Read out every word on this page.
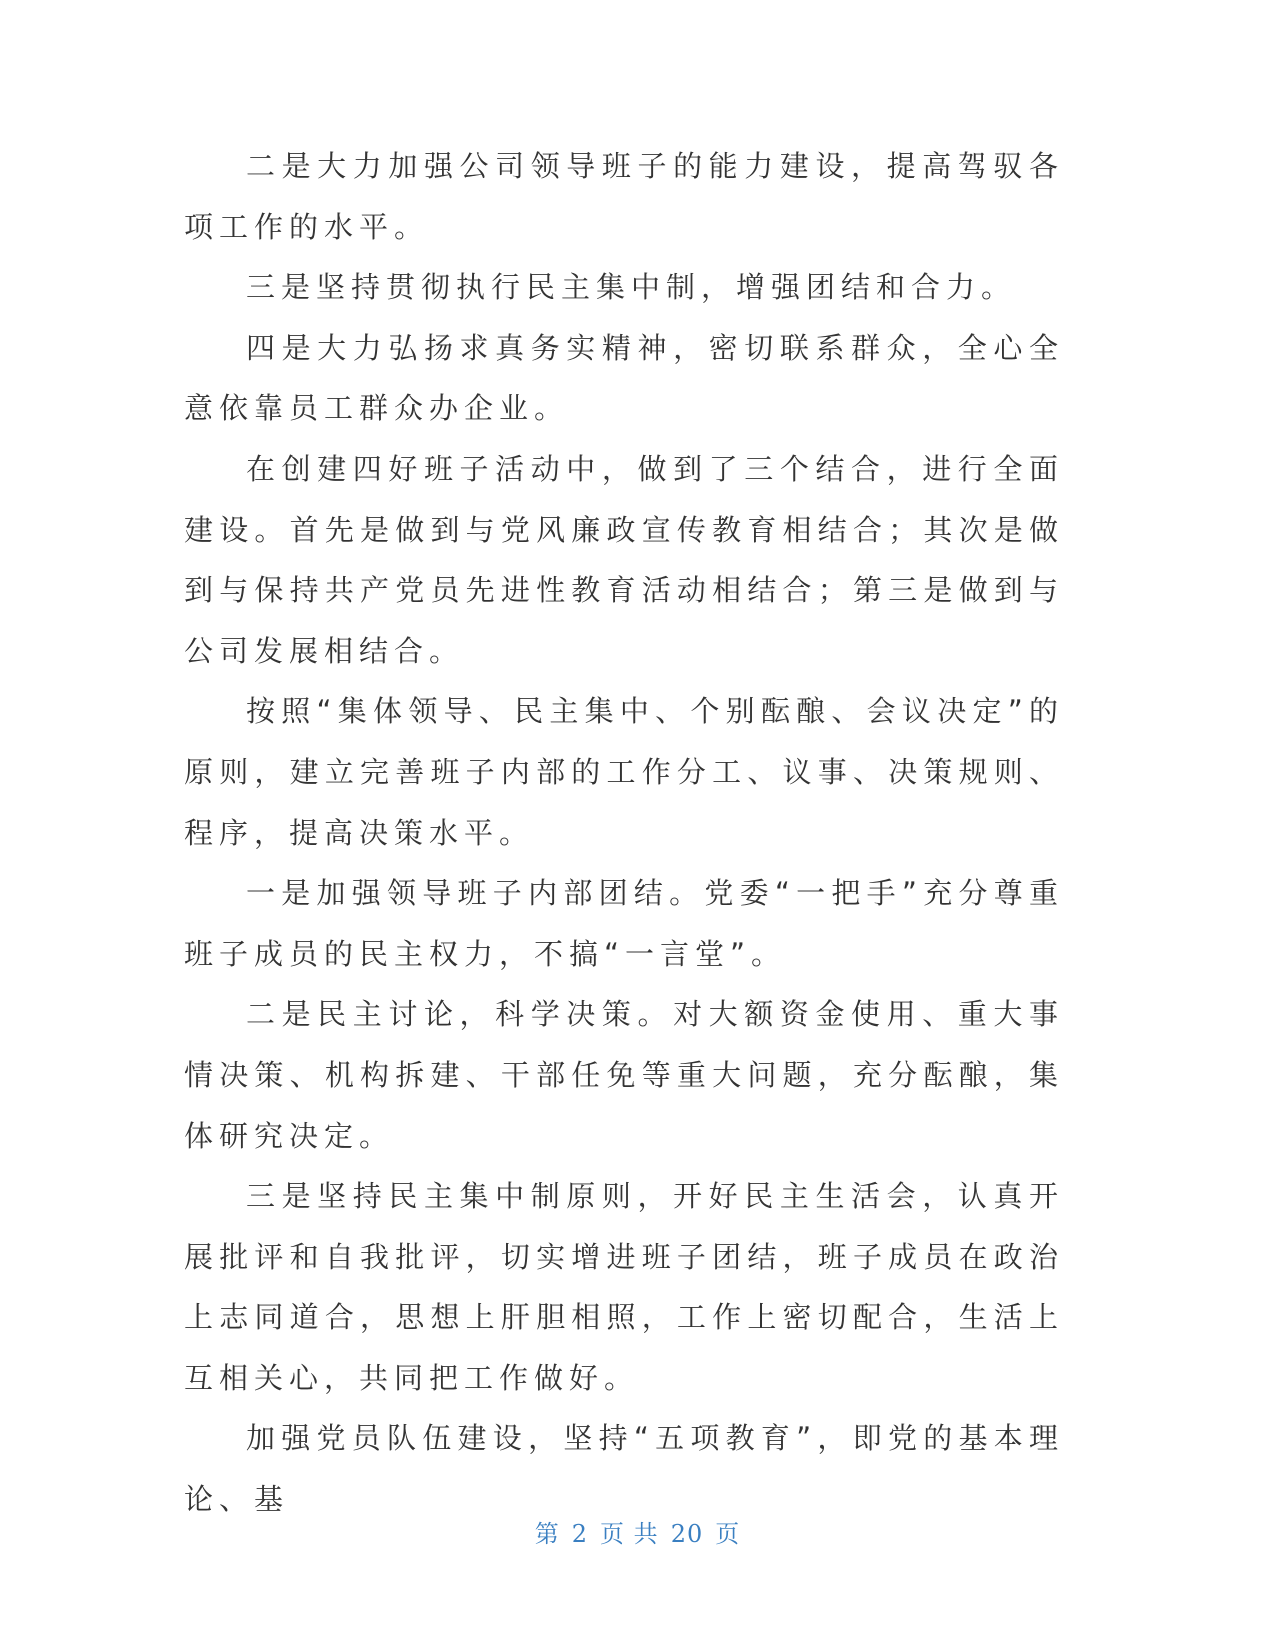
二是大力加强公司领导班子的能力建设，提高驾驭各项工作的水平。

三是坚持贯彻执行民主集中制，增强团结和合力。

四是大力弘扬求真务实精神，密切联系群众，全心全意依靠员工群众办企业。

在创建四好班子活动中，做到了三个结合，进行全面建设。首先是做到与党风廉政宣传教育相结合；其次是做到与保持共产党员先进性教育活动相结合；第三是做到与公司发展相结合。

按照“集体领导、民主集中、个别酝酿、会议决定”的原则，建立完善班子内部的工作分工、议事、决策规则、程序，提高决策水平。

一是加强领导班子内部团结。党委“一把手”充分尊重班子成员的民主权力，不搞“一言堂”。

二是民主讨论，科学决策。对大额资金使用、重大事情决策、机构拆建、干部任免等重大问题，充分酝酿，集体研究决定。

三是坚持民主集中制原则，开好民主生活会，认真开展批评和自我批评，切实增进班子团结，班子成员在政治上志同道合，思想上肝胆相照，工作上密切配合，生活上互相关心，共同把工作做好。

加强党员队伍建设，坚持“五项教育”，即党的基本理论、基

第 2 页 共 20 页
